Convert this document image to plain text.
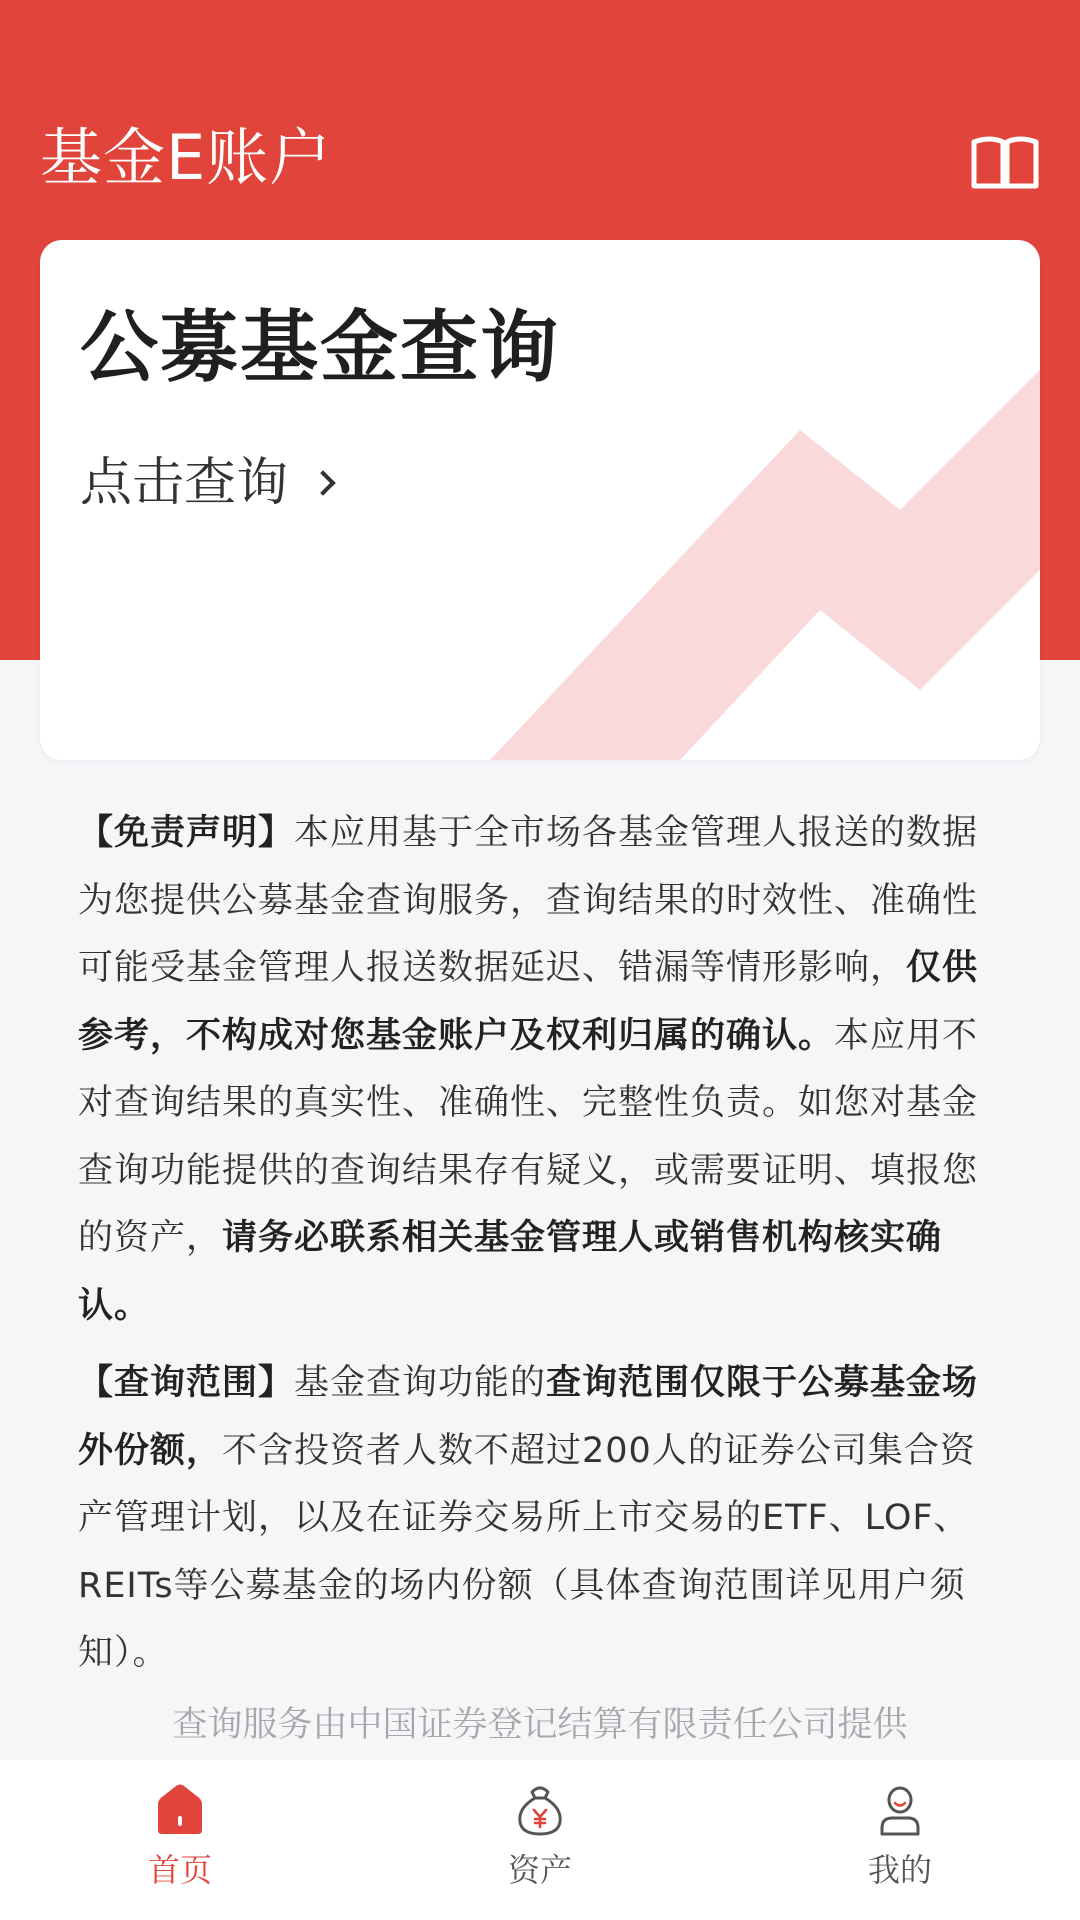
基金E账户
公募基金查询
点击查询

【免责声明】本应用基于全市场各基金管理人报送的数据为您提供公募基金查询服务，查询结果的时效性、准确性可能受基金管理人报送数据延迟、错漏等情形影响，仅供参考，不构成对您基金账户及权利归属的确认。本应用不对查询结果的真实性、准确性、完整性负责。如您对基金查询功能提供的查询结果存有疑义，或需要证明、填报您的资产，请务必联系相关基金管理人或销售机构核实确认。

【查询范围】基金查询功能的查询范围仅限于公募基金场外份额，不含投资者人数不超过200人的证券公司集合资产管理计划，以及在证券交易所上市交易的ETF、LOF、REITs等公募基金的场内份额（具体查询范围详见用户须知）。

查询服务由中国证券登记结算有限责任公司提供
首页	资产	我的
